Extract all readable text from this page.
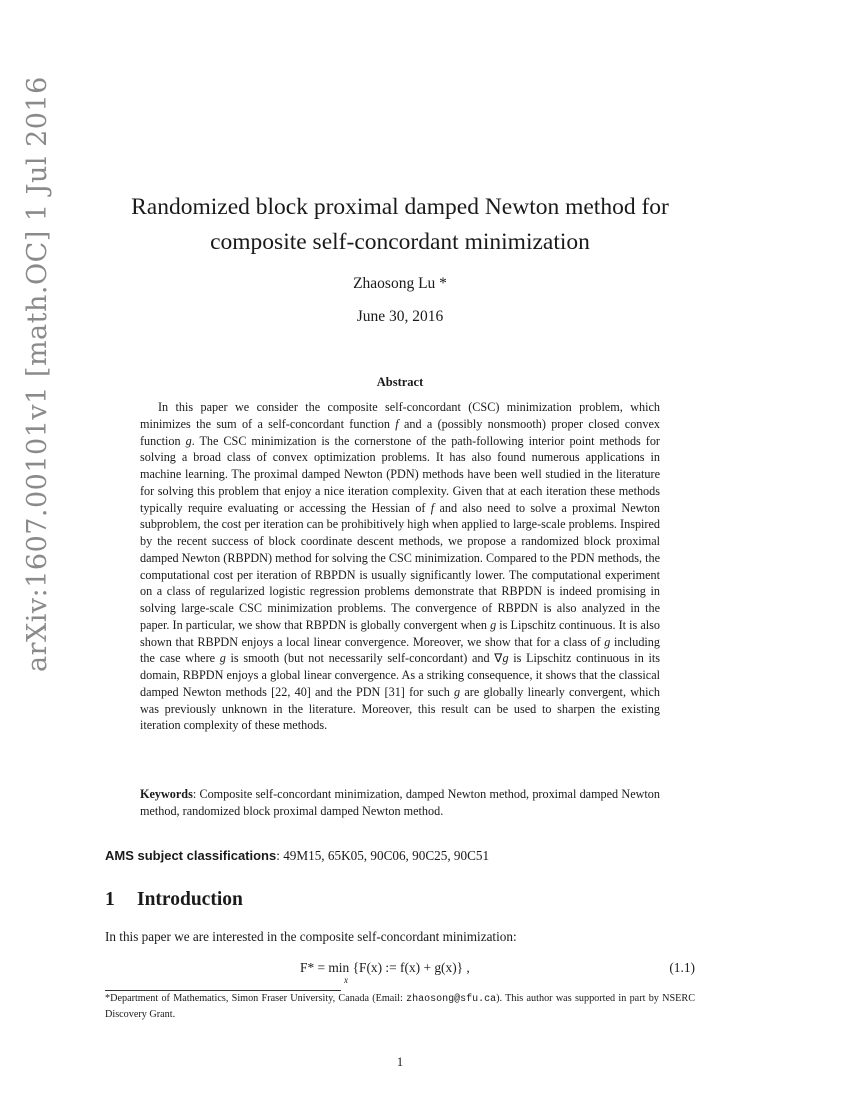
arXiv:1607.00101v1 [math.OC] 1 Jul 2016	Randomized block proximal damped Newton method for
composite self-concordant minimization
Zhaosong Lu *
June 30, 2016
Abstract

In this paper we consider the composite self-concordant (CSC) minimization problem, which minimizes the sum of a self-concordant function f and a (possibly nonsmooth) proper closed convex function g. The CSC minimization is the cornerstone of the path-following interior point methods for solving a broad class of convex optimization problems. It has also found numerous applications in machine learning. The proximal damped Newton (PDN) methods have been well studied in the literature for solving this problem that enjoy a nice iteration complexity. Given that at each iteration these methods typically require evaluating or accessing the Hessian of f and also need to solve a proximal Newton subproblem, the cost per iteration can be prohibitively high when applied to large-scale problems. Inspired by the recent success of block coordinate descent methods, we propose a randomized block proximal damped Newton (RBPDN) method for solving the CSC minimization. Compared to the PDN methods, the computational cost per iteration of RBPDN is usually significantly lower. The computational experiment on a class of regularized logistic regression problems demonstrate that RBPDN is indeed promising in solving large-scale CSC minimization problems. The convergence of RBPDN is also analyzed in the paper. In particular, we show that RBPDN is globally convergent when g is Lipschitz continuous. It is also shown that RBPDN enjoys a local linear convergence. Moreover, we show that for a class of g including the case where g is smooth (but not necessarily self-concordant) and ∇g is Lipschitz continuous in its domain, RBPDN enjoys a global linear convergence. As a striking consequence, it shows that the classical damped Newton methods [22, 40] and the PDN [31] for such g are globally linearly convergent, which was previously unknown in the literature. Moreover, this result can be used to sharpen the existing iteration complexity of these methods.

Keywords: Composite self-concordant minimization, damped Newton method, proximal damped Newton method, randomized block proximal damped Newton method.

AMS subject classifications: 49M15, 65K05, 90C06, 90C25, 90C51
1 Introduction
In this paper we are interested in the composite self-concordant minimization:
F* = min {F(x) := f(x) + g(x)} ,
x
(1.1)

*Department of Mathematics, Simon Fraser University, Canada (Email: zhaosong@sfu.ca). This author was supported in part by NSERC Discovery Grant.

1
